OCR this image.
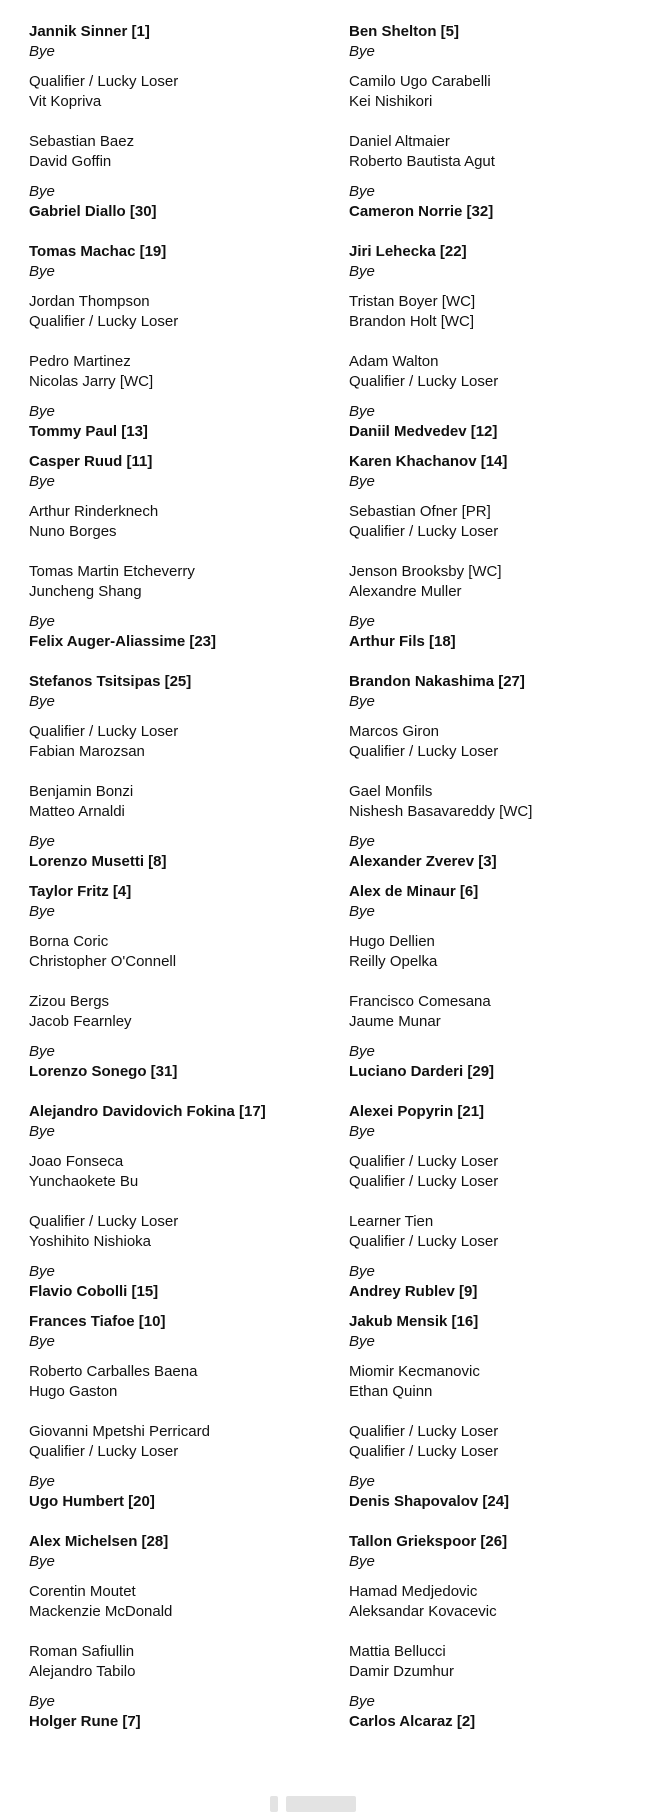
Jannik Sinner [1]
Bye
Qualifier / Lucky Loser
Vit Kopriva
Sebastian Baez
David Goffin
Bye
Gabriel Diallo [30]
Ben Shelton [5]
Bye
Camilo Ugo Carabelli
Kei Nishikori
Daniel Altmaier
Roberto Bautista Agut
Bye
Cameron Norrie [32]
Tomas Machac [19]
Bye
Jordan Thompson
Qualifier / Lucky Loser
Pedro Martinez
Nicolas Jarry [WC]
Bye
Tommy Paul [13]
Jiri Lehecka [22]
Bye
Tristan Boyer [WC]
Brandon Holt [WC]
Adam Walton
Qualifier / Lucky Loser
Bye
Daniil Medvedev [12]
Casper Ruud [11]
Bye
Arthur Rinderknech
Nuno Borges
Tomas Martin Etcheverry
Juncheng Shang
Bye
Felix Auger-Aliassime [23]
Karen Khachanov [14]
Bye
Sebastian Ofner [PR]
Qualifier / Lucky Loser
Jenson Brooksby [WC]
Alexandre Muller
Bye
Arthur Fils [18]
Stefanos Tsitsipas [25]
Bye
Qualifier / Lucky Loser
Fabian Marozsan
Benjamin Bonzi
Matteo Arnaldi
Bye
Lorenzo Musetti [8]
Brandon Nakashima [27]
Bye
Marcos Giron
Qualifier / Lucky Loser
Gael Monfils
Nishesh Basavareddy [WC]
Bye
Alexander Zverev [3]
Taylor Fritz [4]
Bye
Borna Coric
Christopher O'Connell
Zizou Bergs
Jacob Fearnley
Bye
Lorenzo Sonego [31]
Alex de Minaur [6]
Bye
Hugo Dellien
Reilly Opelka
Francisco Comesana
Jaume Munar
Bye
Luciano Darderi [29]
Alejandro Davidovich Fokina [17]
Bye
Joao Fonseca
Yunchaokete Bu
Qualifier / Lucky Loser
Yoshihito Nishioka
Bye
Flavio Cobolli [15]
Alexei Popyrin [21]
Bye
Qualifier / Lucky Loser
Qualifier / Lucky Loser
Learner Tien
Qualifier / Lucky Loser
Bye
Andrey Rublev [9]
Frances Tiafoe [10]
Bye
Roberto Carballes Baena
Hugo Gaston
Giovanni Mpetshi Perricard
Qualifier / Lucky Loser
Bye
Ugo Humbert [20]
Jakub Mensik [16]
Bye
Miomir Kecmanovic
Ethan Quinn
Qualifier / Lucky Loser
Qualifier / Lucky Loser
Bye
Denis Shapovalov [24]
Alex Michelsen [28]
Bye
Corentin Moutet
Mackenzie McDonald
Roman Safiullin
Alejandro Tabilo
Bye
Holger Rune [7]
Tallon Griekspoor [26]
Bye
Hamad Medjedovic
Aleksandar Kovacevic
Mattia Bellucci
Damir Dzumhur
Bye
Carlos Alcaraz [2]
